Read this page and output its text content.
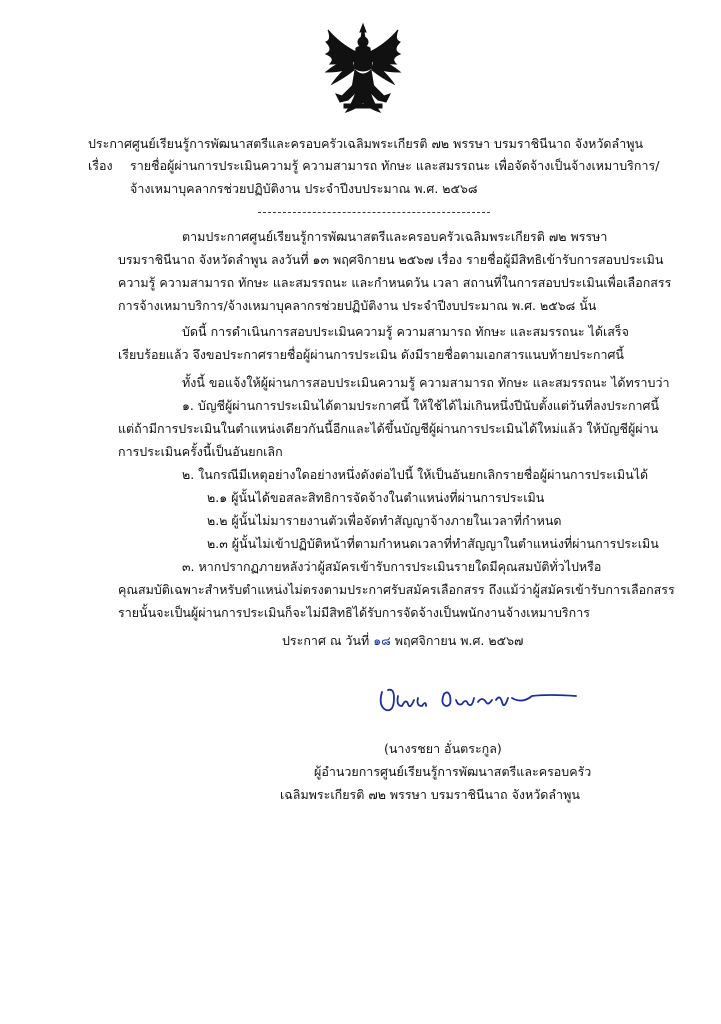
ประกาศศูนย์เรียนรู้การพัฒนาสตรีและครอบครัวเฉลิมพระเกียรติ ๗๒ พรรษา บรมราชินีนาถ จังหวัดลำพูน
เรื่อง รายชื่อผู้ผ่านการประเมินความรู้ ความสามารถ ทักษะ และสมรรถนะ เพื่อจัดจ้างเป็นจ้างเหมาบริการ/
จ้างเหมาบุคลากรช่วยปฏิบัติงาน ประจำปีงบประมาณ พ.ศ. ๒๕๖๘
ตามประกาศศูนย์เรียนรู้การพัฒนาสตรีและครอบครัวเฉลิมพระเกียรติ ๗๒ พรรษา
บรมราชินีนาถ จังหวัดลำพูน ลงวันที่ ๑๓ พฤศจิกายน ๒๕๖๗ เรื่อง รายชื่อผู้มีสิทธิเข้ารับการสอบประเมิน
ความรู้ ความสามารถ ทักษะ และสมรรถนะ และกำหนดวัน เวลา สถานที่ในการสอบประเมินเพื่อเลือกสรร
การจ้างเหมาบริการ/จ้างเหมาบุคลากรช่วยปฏิบัติงาน ประจำปีงบประมาณ พ.ศ. ๒๕๖๘ นั้น
บัดนี้ การดำเนินการสอบประเมินความรู้ ความสามารถ ทักษะ และสมรรถนะ ได้เสร็จ
เรียบร้อยแล้ว จึงขอประกาศรายชื่อผู้ผ่านการประเมิน ดังมีรายชื่อตามเอกสารแนบท้ายประกาศนี้
ทั้งนี้ ขอแจ้งให้ผู้ผ่านการสอบประเมินความรู้ ความสามารถ ทักษะ และสมรรถนะ ได้ทราบว่า
๑. บัญชีผู้ผ่านการประเมินได้ตามประกาศนี้ ให้ใช้ได้ไม่เกินหนึ่งปีนับตั้งแต่วันที่ลงประกาศนี้
แต่ถ้ามีการประเมินในตำแหน่งเดียวกันนี้อีกและได้ขึ้นบัญชีผู้ผ่านการประเมินได้ใหม่แล้ว ให้บัญชีผู้ผ่าน
การประเมินครั้งนี้เป็นอันยกเลิก
๒. ในกรณีมีเหตุอย่างใดอย่างหนึ่งดังต่อไปนี้ ให้เป็นอันยกเลิกรายชื่อผู้ผ่านการประเมินได้
๒.๑ ผู้นั้นได้ขอสละสิทธิการจัดจ้างในตำแหน่งที่ผ่านการประเมิน
๒.๒ ผู้นั้นไม่มารายงานตัวเพื่อจัดทำสัญญาจ้างภายในเวลาที่กำหนด
๒.๓ ผู้นั้นไม่เข้าปฏิบัติหน้าที่ตามกำหนดเวลาที่ทำสัญญาในตำแหน่งที่ผ่านการประเมิน
๓. หากปรากฏภายหลังว่าผู้สมัครเข้ารับการประเมินรายใดมีคุณสมบัติทั่วไปหรือ
คุณสมบัติเฉพาะสำหรับตำแหน่งไม่ตรงตามประกาศรับสมัครเลือกสรร ถึงแม้ว่าผู้สมัครเข้ารับการเลือกสรร
รายนั้นจะเป็นผู้ผ่านการประเมินก็จะไม่มีสิทธิได้รับการจัดจ้างเป็นพนักงานจ้างเหมาบริการ
ประกาศ ณ วันที่ ๑๘ พฤศจิกายน พ.ศ. ๒๕๖๗
(นางรชยา อั่นตระกูล)
ผู้อำนวยการศูนย์เรียนรู้การพัฒนาสตรีและครอบครัว
เฉลิมพระเกียรติ ๗๒ พรรษา บรมราชินีนาถ จังหวัดลำพูน
